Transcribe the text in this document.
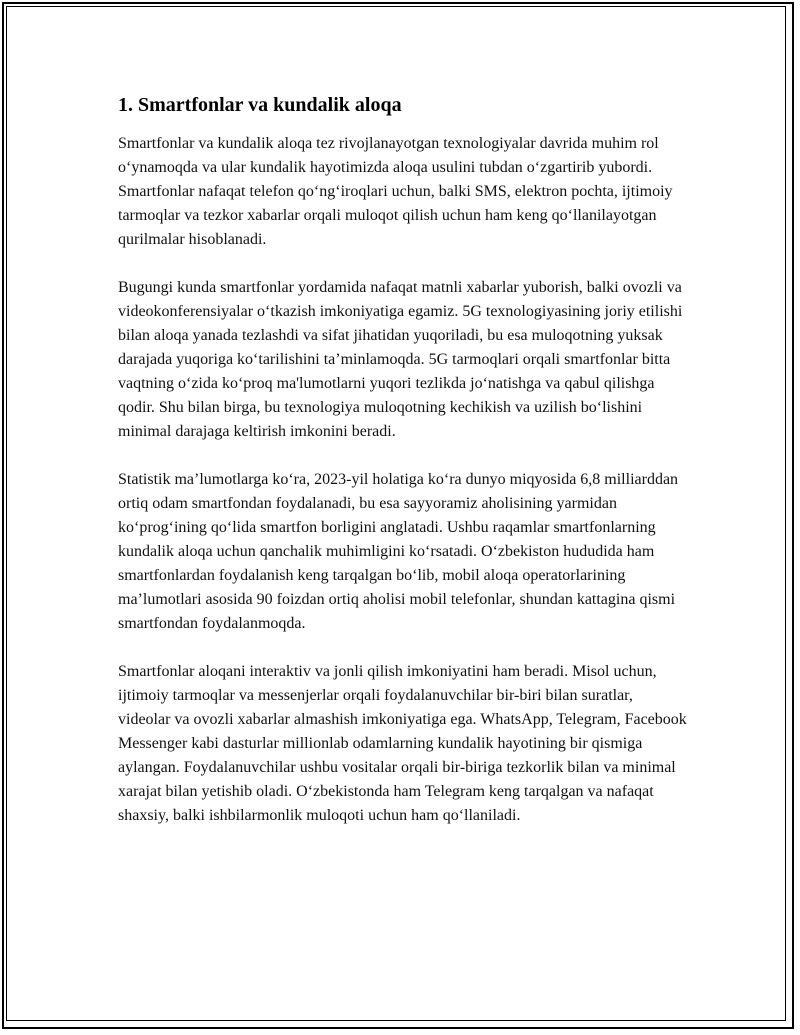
1. Smartfonlar va kundalik aloqa

Smartfonlar va kundalik aloqa tez rivojlanayotgan texnologiyalar davrida muhim rol o‘ynamoqda va ular kundalik hayotimizda aloqa usulini tubdan o‘zgartirib yubordi. Smartfonlar nafaqat telefon qo‘ng‘iroqlari uchun, balki SMS, elektron pochta, ijtimoiy tarmoqlar va tezkor xabarlar orqali muloqot qilish uchun ham keng qo‘llanilayotgan qurilmalar hisoblanadi.

Bugungi kunda smartfonlar yordamida nafaqat matnli xabarlar yuborish, balki ovozli va videokonferensiyalar o‘tkazish imkoniyatiga egamiz. 5G texnologiyasining joriy etilishi bilan aloqa yanada tezlashdi va sifat jihatidan yuqoriladi, bu esa muloqotning yuksak darajada yuqoriga ko‘tarilishini ta’minlamoqda. 5G tarmoqlari orqali smartfonlar bitta vaqtning o‘zida ko‘proq ma'lumotlarni yuqori tezlikda jo‘natishga va qabul qilishga qodir. Shu bilan birga, bu texnologiya muloqotning kechikish va uzilish bo‘lishini minimal darajaga keltirish imkonini beradi.

Statistik ma’lumotlarga ko‘ra, 2023-yil holatiga ko‘ra dunyo miqyosida 6,8 milliarddan ortiq odam smartfondan foydalanadi, bu esa sayyoramiz aholisining yarmidan ko‘prog‘ining qo‘lida smartfon borligini anglatadi. Ushbu raqamlar smartfonlarning kundalik aloqa uchun qanchalik muhimligini ko‘rsatadi. O‘zbekiston hududida ham smartfonlardan foydalanish keng tarqalgan bo‘lib, mobil aloqa operatorlarining ma’lumotlari asosida 90 foizdan ortiq aholisi mobil telefonlar, shundan kattagina qismi smartfondan foydalanmoqda.

Smartfonlar aloqani interaktiv va jonli qilish imkoniyatini ham beradi. Misol uchun, ijtimoiy tarmoqlar va messenjerlar orqali foydalanuvchilar bir-biri bilan suratlar, videolar va ovozli xabarlar almashish imkoniyatiga ega. WhatsApp, Telegram, Facebook Messenger kabi dasturlar millionlab odamlarning kundalik hayotining bir qismiga aylangan. Foydalanuvchilar ushbu vositalar orqali bir-biriga tezkorlik bilan va minimal xarajat bilan yetishib oladi. O‘zbekistonda ham Telegram keng tarqalgan va nafaqat shaxsiy, balki ishbilarmonlik muloqoti uchun ham qo‘llaniladi.
